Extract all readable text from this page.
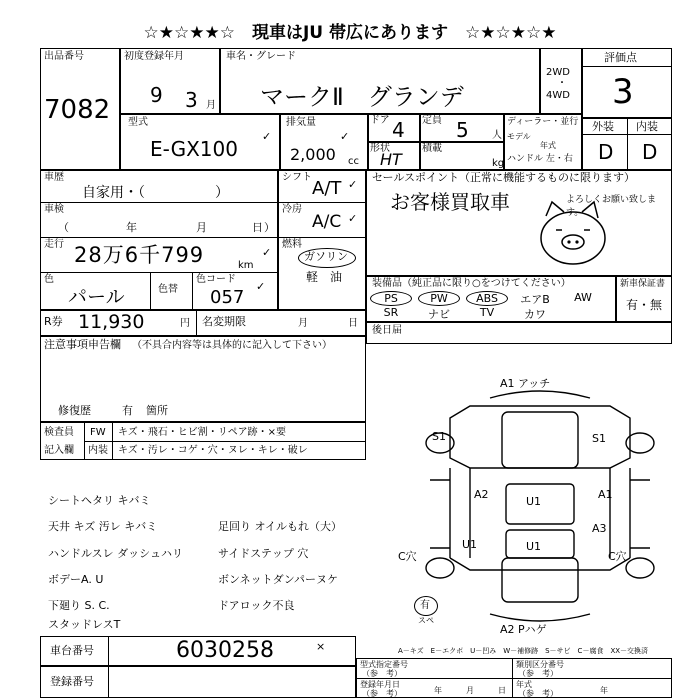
☆★☆★★☆　現車はJU 帯広にあります　☆★☆★☆★
出品番号
7082
初度登録年月
9 3 月
車名・グレード
マークⅡ　グランデ
2WD
・
4WD
評価点
3
型式
E-GX100
✓
排気量
2,000 cc
✓
ドア 4 定員 5 人
形状
HT
積載
kg
ディーラー・並行
モデル
年式
ハンドル 左・右
外装 内装
D D
車歴
自家用・（　　　　　）
車検
（	年	月	日 ）
走行 28万6千799	km
✓
色
パール	色替
色コード
057
✓
シフト
A/T ✓
冷房
A/C ✓
燃料
ガソリン
軽　油
セールスポイント（正常に機能するものに限ります）
お客様買取車	よろしくお願い致します。
装備品（純正品に限り○をつけてください）
PS	PW	ABS	エアB	AW
SR	ナビ	TV	カワ
新車保証書
有・無
後日届
R券 11,930	円 名変期限	月	日
注意事項申告欄 （不具合内容等は具体的に記入して下さい）
修復歴	有 箇所
検査員
記入欄
FW キズ・飛石・ヒビ割・リペア跡・×要
内装 キズ・汚レ・コゲ・穴・ヌレ・キレ・破レ
シートヘタリ キバミ
天井 キズ 汚レ キバミ
ハンドルスレ ダッシュハリ
ボデーA. U
下廻り S. C.
スタッドレスT
足回り オイルもれ（大）
サイドステップ 穴
ボンネットダンパーヌケ
ドアロック不良
A1 アッチ
A2 Pハゲ
S1	S1
A2
U1
A1
A3
U1	U1
C穴	C穴
有
スペ
A－キズ　E－エクボ　U－凹み　W－補修跡　S－サビ　C－腐食　XX－交換済
車台番号	6030258	×
登録番号
型式指定番号
（参　考）
類別区分番号
（参　考）
登録年月日
（参　考）	年	月	日
年式
（参　考）	年
